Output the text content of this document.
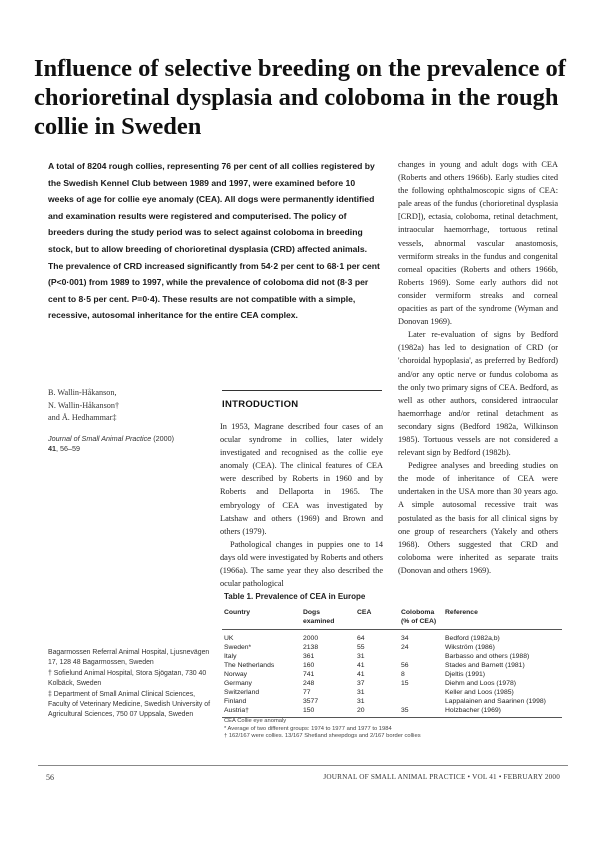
Influence of selective breeding on the prevalence of chorioretinal dysplasia and coloboma in the rough collie in Sweden
A total of 8204 rough collies, representing 76 per cent of all collies registered by the Swedish Kennel Club between 1989 and 1997, were examined before 10 weeks of age for collie eye anomaly (CEA). All dogs were permanently identified and examination results were registered and computerised. The policy of breeders during the study period was to select against coloboma in breeding stock, but to allow breeding of chorioretinal dysplasia (CRD) affected animals. The prevalence of CRD increased significantly from 54·2 per cent to 68·1 per cent (P<0·001) from 1989 to 1997, while the prevalence of coloboma did not (8·3 per cent to 8·5 per cent. P=0·4). These results are not compatible with a simple, recessive, autosomal inheritance for the entire CEA complex.

changes in young and adult dogs with CEA (Roberts and others 1966b). Early studies cited the following ophthalmoscopic signs of CEA: pale areas of the fundus (chorioretinal dysplasia [CRD]), ectasia, coloboma, retinal detachment, intraocular haemorrhage, tortuous retinal vessels, abnormal vascular anastomosis, vermiform streaks in the fundus and congenital corneal opacities (Roberts and others 1966b, Roberts 1969). Some early authors did not consider vermiform streaks and corneal opacities as part of the syndrome (Wyman and Donovan 1969).

Later re-evaluation of signs by Bedford (1982a) has led to designation of CRD (or 'choroidal hypoplasia', as preferred by Bedford) and/or any optic nerve or fundus coloboma as the only two primary signs of CEA. Bedford, as well as other authors, considered intraocular haemorrhage and/or retinal detachment as secondary signs (Bedford 1982a, Wilkinson 1985). Tortuous vessels are not considered a relevant sign by Bedford (1982b).

Pedigree analyses and breeding studies on the mode of inheritance of CEA were undertaken in the USA more than 30 years ago. A simple autosomal recessive trait was postulated as the basis for all clinical signs by one group of researchers (Yakely and others 1968). Others suggested that CRD and coloboma were inherited as separate traits (Donovan and others 1969).

B. Wallin-Håkanson,
N. Wallin-Håkanson†
and Å. Hedhammar‡
Journal of Small Animal Practice (2000)
41, 56–59
INTRODUCTION

In 1953, Magrane described four cases of an ocular syndrome in collies, later widely investigated and recognised as the collie eye anomaly (CEA). The clinical features of CEA were described by Roberts in 1960 and by Roberts and Dellaporta in 1965. The embryology of CEA was investigated by Latshaw and others (1969) and Brown and others (1979).

Pathological changes in puppies one to 14 days old were investigated by Roberts and others (1966a). The same year they also described the ocular pathological

Bagarmossen Referral Animal Hospital, Ljusnevägen 17, 128 48 Bagarmossen, Sweden

† Sofielund Animal Hospital, Stora Sjögatan, 730 40 Kolbäck, Sweden

‡ Department of Small Animal Clinical Sciences, Faculty of Veterinary Medicine, Swedish University of Agricultural Sciences, 750 07 Uppsala, Sweden

Table 1. Prevalence of CEA in Europe
Country	Dogs examined	CEA	Coloboma (% of CEA)	Reference
UK	2000	64	34	Bedford (1982a,b)
Sweden*	2138	55	24	Wikström (1986)
Italy	361	31		Barbasso and others (1988)
The Netherlands	160	41	56	Stades and Barnett (1981)
Norway	741	41	8	Djeltis (1991)
Germany	248	37	15	Diehm and Loos (1978)
Switzerland	77	31		Keller and Loos (1985)
Finland	3577	31		Lappalainen and Saarinen (1998)
Austria†	150	20	35	Holzbacher (1969)

CEA Collie eye anomaly

* Average of two different groups: 1974 to 1977 and 1977 to 1984

† 162/167 were collies. 13/167 Shetland sheepdogs and 2/167 border collies

56	JOURNAL OF SMALL ANIMAL PRACTICE • VOL 41 • FEBRUARY 2000
